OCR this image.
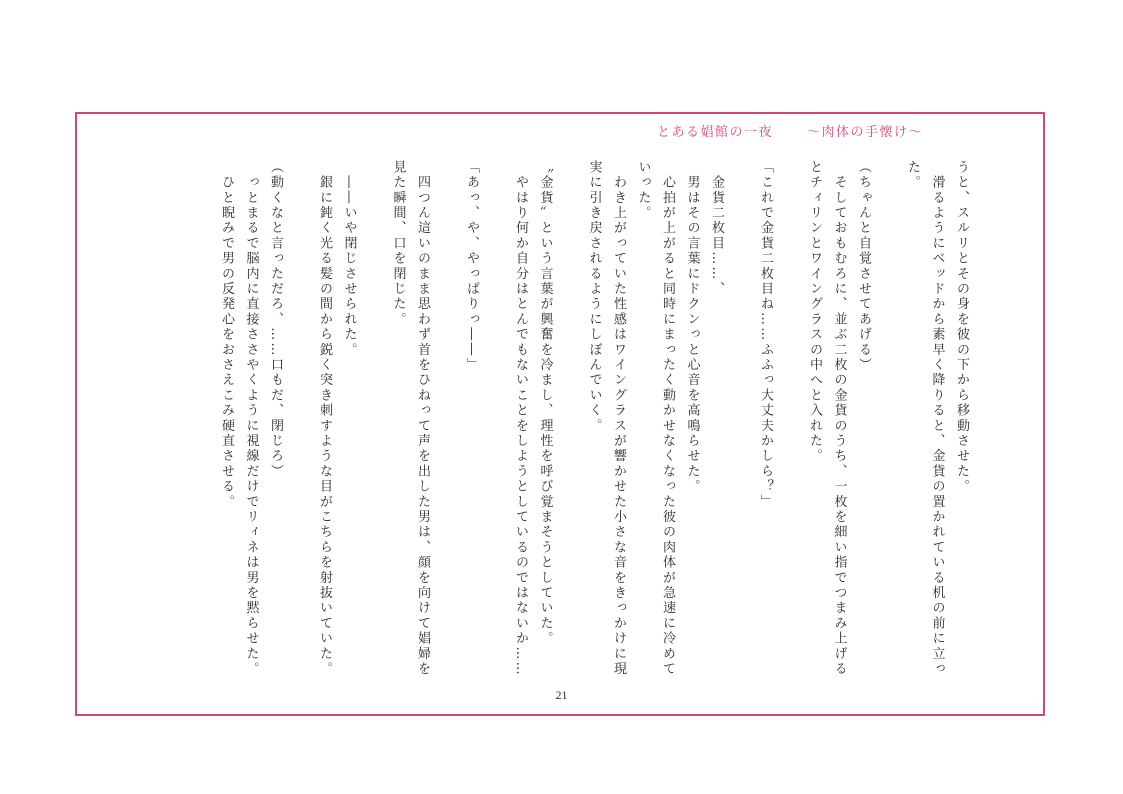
とある娼館の一夜	～肉体の手懐け～

うと、スルリとその身を彼の下から移動させた。

　滑るようにベッドから素早く降りると、金貨の置かれている机の前に立っ

た。

（ちゃんと自覚させてあげる）

　そしておもむろに、並ぶ二枚の金貨のうち、一枚を細い指でつまみ上げる

とチィリンとワイングラスの中へと入れた。

「これで金貨二枚目ね……ふふっ大丈夫かしら？」

　金貨二枚目……、

　男はその言葉にドクンっと心音を高鳴らせた。

　心拍が上がると同時にまったく動かせなくなった彼の肉体が急速に冷めて

いった。

　わき上がっていた性感はワイングラスが響かせた小さな音をきっかけに現

実に引き戻されるようにしぼんでいく。

〝金貨〟という言葉が興奮を冷まし、理性を呼び覚まそうとしていた。

　やはり何か自分はとんでもないことをしようとしているのではないか……

「あっ、や、やっぱりっ――」

　四つん這いのまま思わず首をひねって声を出した男は、顔を向けて娼婦を

見た瞬間、口を閉じた。

　――いや閉じさせられた。

　銀に鈍く光る髪の間から鋭く突き刺すような目がこちらを射抜いていた。

（動くなと言っただろ、……口もだ、閉じろ）

　っとまるで脳内に直接ささやくように視線だけでリィネは男を黙らせた。

　ひと睨みで男の反発心をおさえこみ硬直させる。

21
